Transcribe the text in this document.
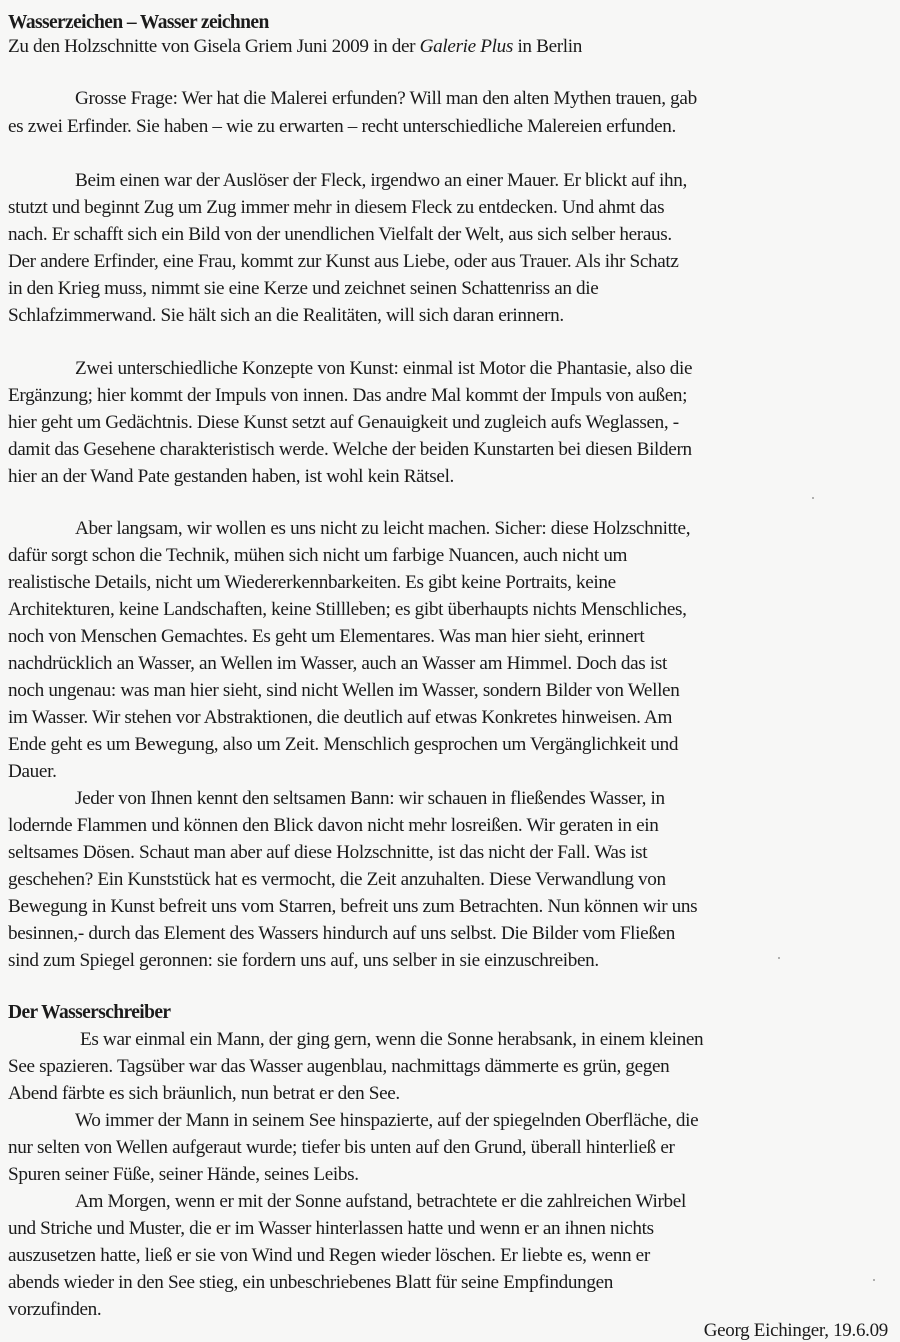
Wasserzeichen – Wasser zeichnen
Zu den Holzschnitte von Gisela Griem Juni 2009 in der Galerie Plus in Berlin
Grosse Frage: Wer hat die Malerei erfunden? Will man den alten Mythen trauen, gab
es zwei Erfinder. Sie haben – wie zu erwarten – recht unterschiedliche Malereien erfunden.
Beim einen war der Auslöser der Fleck, irgendwo an einer Mauer. Er blickt auf ihn,
stutzt und beginnt Zug um Zug immer mehr in diesem Fleck zu entdecken. Und ahmt das
nach. Er schafft sich ein Bild von der unendlichen Vielfalt der Welt, aus sich selber heraus.
Der andere Erfinder, eine Frau, kommt zur Kunst aus Liebe, oder aus Trauer. Als ihr Schatz
in den Krieg muss, nimmt sie eine Kerze und zeichnet seinen Schattenriss an die
Schlafzimmerwand. Sie hält sich an die Realitäten, will sich daran erinnern.
Zwei unterschiedliche Konzepte von Kunst: einmal ist Motor die Phantasie, also die
Ergänzung; hier kommt der Impuls von innen. Das andre Mal kommt der Impuls von außen;
hier geht um Gedächtnis. Diese Kunst setzt auf Genauigkeit und zugleich aufs Weglassen, -
damit das Gesehene charakteristisch werde. Welche der beiden Kunstarten bei diesen Bildern
hier an der Wand Pate gestanden haben, ist wohl kein Rätsel.
Aber langsam, wir wollen es uns nicht zu leicht machen. Sicher: diese Holzschnitte,
dafür sorgt schon die Technik, mühen sich nicht um farbige Nuancen, auch nicht um
realistische Details, nicht um Wiedererkennbarkeiten. Es gibt keine Portraits, keine
Architekturen, keine Landschaften, keine Stillleben; es gibt überhaupts nichts Menschliches,
noch von Menschen Gemachtes. Es geht um Elementares. Was man hier sieht, erinnert
nachdrücklich an Wasser, an Wellen im Wasser, auch an Wasser am Himmel. Doch das ist
noch ungenau: was man hier sieht, sind nicht Wellen im Wasser, sondern Bilder von Wellen
im Wasser. Wir stehen vor Abstraktionen, die deutlich auf etwas Konkretes hinweisen. Am
Ende geht es um Bewegung, also um Zeit. Menschlich gesprochen um Vergänglichkeit und
Dauer.
Jeder von Ihnen kennt den seltsamen Bann: wir schauen in fließendes Wasser, in
lodernde Flammen und können den Blick davon nicht mehr losreißen. Wir geraten in ein
seltsames Dösen. Schaut man aber auf diese Holzschnitte, ist das nicht der Fall. Was ist
geschehen? Ein Kunststück hat es vermocht, die Zeit anzuhalten. Diese Verwandlung von
Bewegung in Kunst befreit uns vom Starren, befreit uns zum Betrachten. Nun können wir uns
besinnen,- durch das Element des Wassers hindurch auf uns selbst. Die Bilder vom Fließen
sind zum Spiegel geronnen: sie fordern uns auf, uns selber in sie einzuschreiben.
Der Wasserschreiber
Es war einmal ein Mann, der ging gern, wenn die Sonne herabsank, in einem kleinen
See spazieren. Tagsüber war das Wasser augenblau, nachmittags dämmerte es grün, gegen
Abend färbte es sich bräunlich, nun betrat er den See.
Wo immer der Mann in seinem See hinspazierte, auf der spiegelnden Oberfläche, die
nur selten von Wellen aufgeraut wurde; tiefer bis unten auf den Grund, überall hinterließ er
Spuren seiner Füße, seiner Hände, seines Leibs.
Am Morgen, wenn er mit der Sonne aufstand, betrachtete er die zahlreichen Wirbel
und Striche und Muster, die er im Wasser hinterlassen hatte und wenn er an ihnen nichts
auszusetzen hatte, ließ er sie von Wind und Regen wieder löschen. Er liebte es, wenn er
abends wieder in den See stieg, ein unbeschriebenes Blatt für seine Empfindungen
vorzufinden.
Georg Eichinger, 19.6.09
